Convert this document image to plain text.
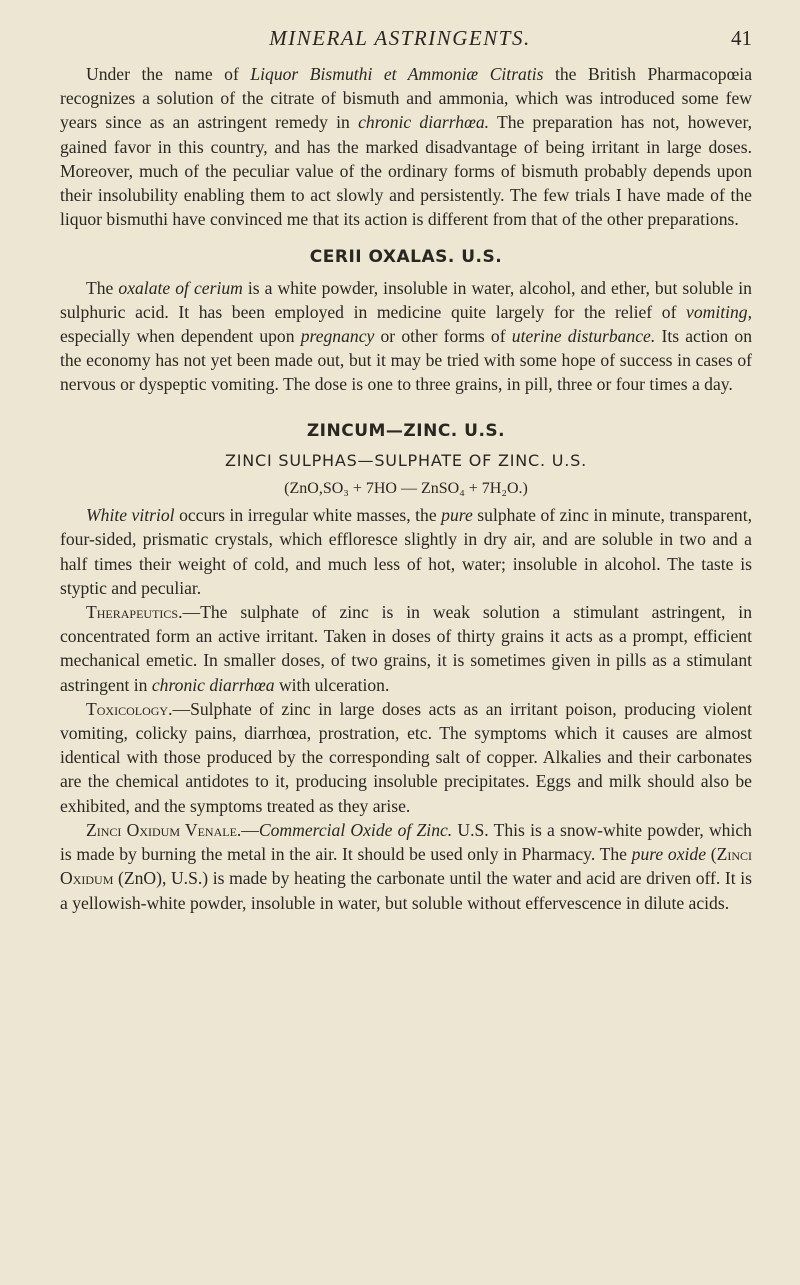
MINERAL ASTRINGENTS.	41

Under the name of Liquor Bismuthi et Ammoniæ Citratis the British Pharmacopœia recognizes a solution of the citrate of bismuth and ammonia, which was introduced some few years since as an astringent remedy in chronic diarrhœa. The preparation has not, however, gained favor in this country, and has the marked disadvantage of being irritant in large doses. Moreover, much of the peculiar value of the ordinary forms of bismuth probably depends upon their insolubility enabling them to act slowly and persistently. The few trials I have made of the liquor bismuthi have convinced me that its action is different from that of the other preparations.

CERII OXALAS. U.S.

The oxalate of cerium is a white powder, insoluble in water, alcohol, and ether, but soluble in sulphuric acid. It has been employed in medicine quite largely for the relief of vomiting, especially when dependent upon pregnancy or other forms of uterine disturbance. Its action on the economy has not yet been made out, but it may be tried with some hope of success in cases of nervous or dyspeptic vomiting. The dose is one to three grains, in pill, three or four times a day.

ZINCUM—ZINC. U.S.
ZINCI SULPHAS—SULPHATE OF ZINC. U.S.
(ZnO,SO₃ + 7HO — ZnSO₄ + 7H₂O.)

White vitriol occurs in irregular white masses, the pure sulphate of zinc in minute, transparent, four-sided, prismatic crystals, which effloresce slightly in dry air, and are soluble in two and a half times their weight of cold, and much less of hot, water; insoluble in alcohol. The taste is styptic and peculiar.

Therapeutics.—The sulphate of zinc is in weak solution a stimulant astringent, in concentrated form an active irritant. Taken in doses of thirty grains it acts as a prompt, efficient mechanical emetic. In smaller doses, of two grains, it is sometimes given in pills as a stimulant astringent in chronic diarrhœa with ulceration.

Toxicology.—Sulphate of zinc in large doses acts as an irritant poison, producing violent vomiting, colicky pains, diarrhœa, prostration, etc. The symptoms which it causes are almost identical with those produced by the corresponding salt of copper. Alkalies and their carbonates are the chemical antidotes to it, producing insoluble precipitates. Eggs and milk should also be exhibited, and the symptoms treated as they arise.

Zinci Oxidum Venale.—Commercial Oxide of Zinc. U.S. This is a snow-white powder, which is made by burning the metal in the air. It should be used only in Pharmacy. The pure oxide (Zinci Oxidum (ZnO), U.S.) is made by heating the carbonate until the water and acid are driven off. It is a yellowish-white powder, insoluble in water, but soluble without effervescence in dilute acids.
